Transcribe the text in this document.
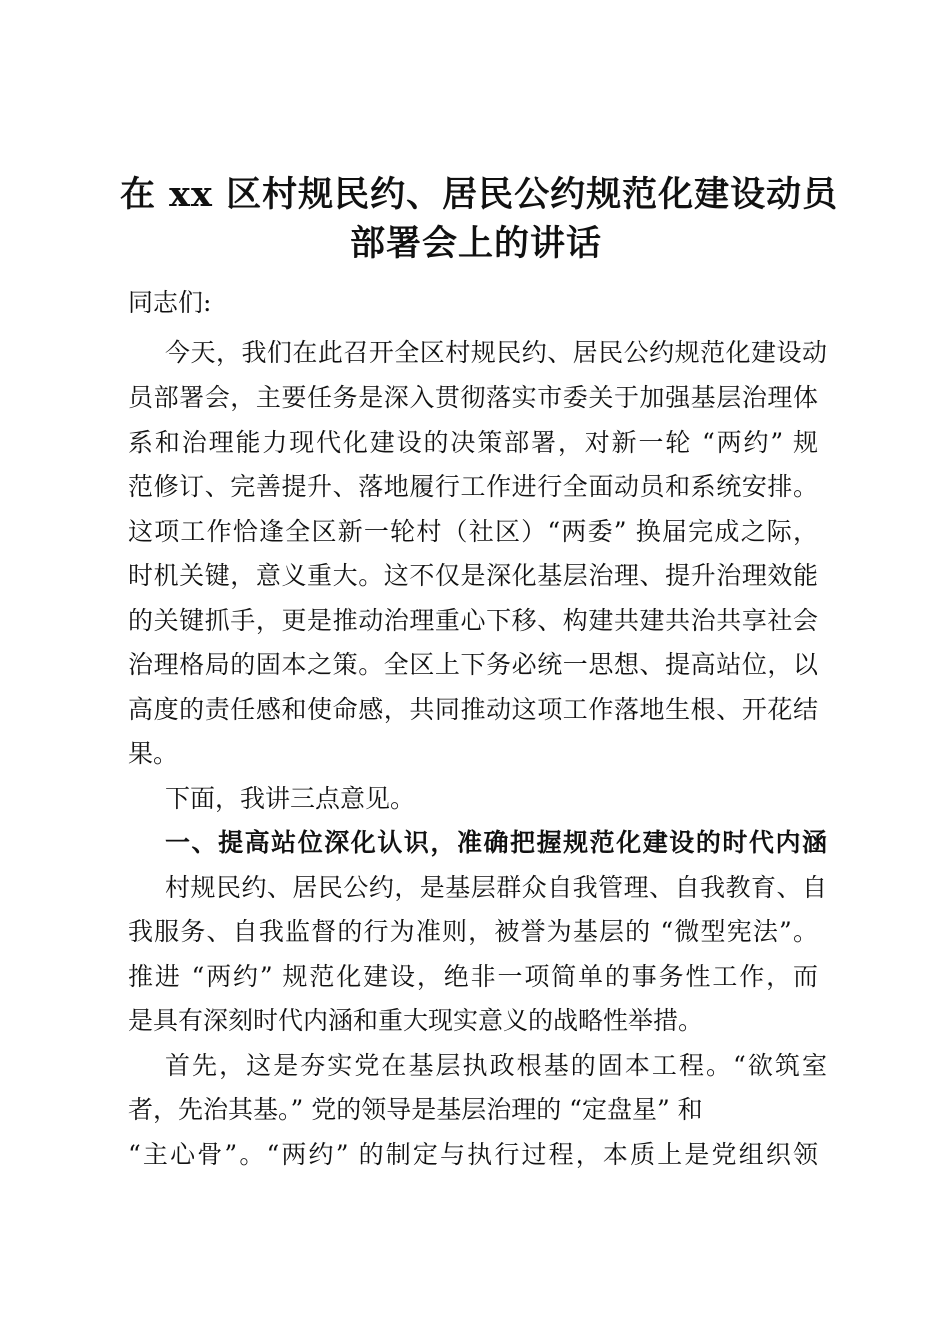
在 xx 区村规民约、居民公约规范化建设动员
部署会上的讲话
同志们:
今天，我们在此召开全区村规民约、居民公约规范化建设动
员部署会，主要任务是深入贯彻落实市委关于加强基层治理体
系和治理能力现代化建设的决策部署，对新一轮 “两约” 规
范修订、完善提升、落地履行工作进行全面动员和系统安排。
这项工作恰逢全区新一轮村（社区）“两委” 换届完成之际，
时机关键，意义重大。这不仅是深化基层治理、提升治理效能
的关键抓手，更是推动治理重心下移、构建共建共治共享社会
治理格局的固本之策。全区上下务必统一思想、提高站位，以
高度的责任感和使命感，共同推动这项工作落地生根、开花结
果。
下面，我讲三点意见。
一、提高站位深化认识，准确把握规范化建设的时代内涵
村规民约、居民公约，是基层群众自我管理、自我教育、自
我服务、自我监督的行为准则，被誉为基层的 “微型宪法”。
推进 “两约” 规范化建设，绝非一项简单的事务性工作，而
是具有深刻时代内涵和重大现实意义的战略性举措。
首先，这是夯实党在基层执政根基的固本工程。“欲筑室
者，先治其基。” 党的领导是基层治理的 “定盘星” 和
“主心骨”。“两约” 的制定与执行过程，本质上是党组织领
